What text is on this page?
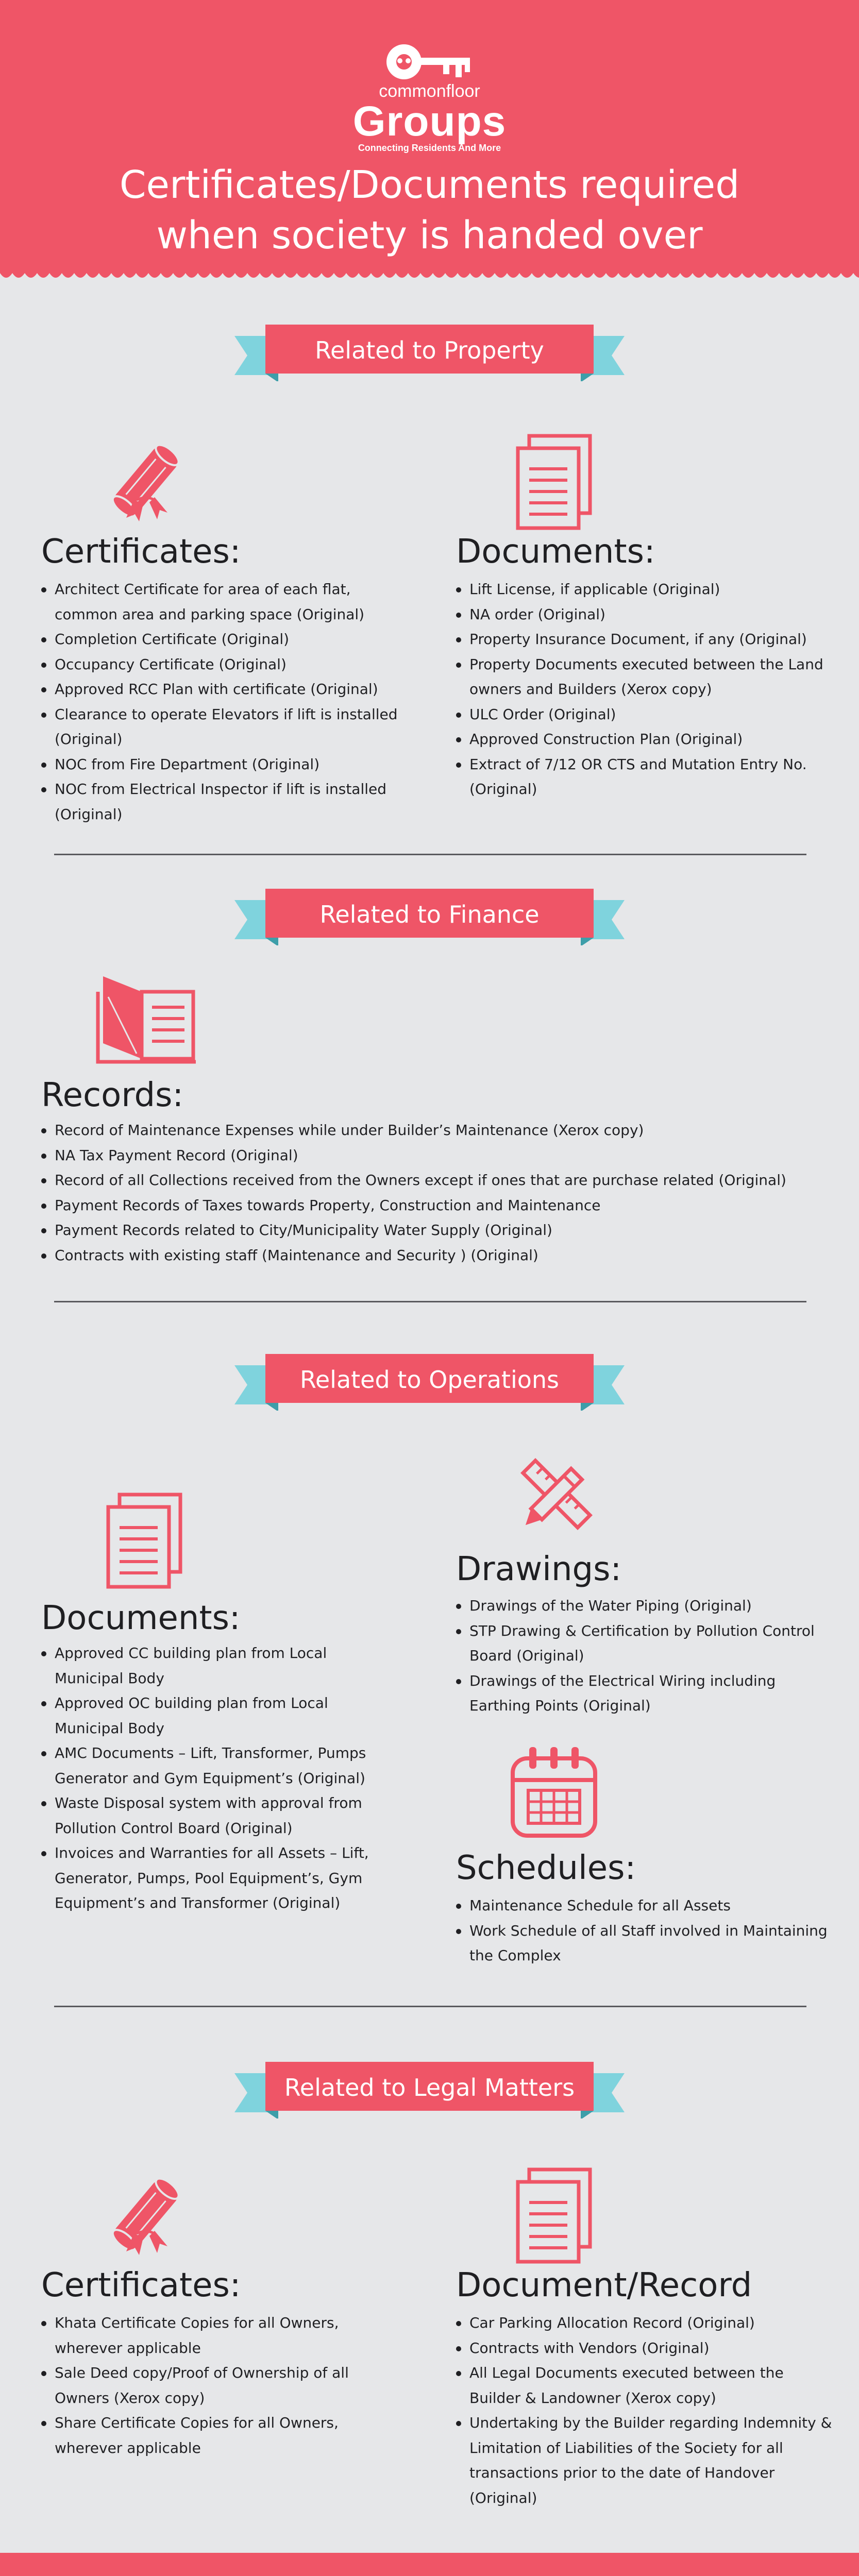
commonfloor
Groups
Connecting Residents And More
Certificates/Documents required
when society is handed over
Related to Property
Certificates:
Architect Certificate for area of each flat,
common area and parking space (Original)
Completion Certificate (Original)
Occupancy Certificate (Original)
Approved RCC Plan with certificate (Original)
Clearance to operate Elevators if lift is installed
(Original)
NOC from Fire Department (Original)
NOC from Electrical Inspector if lift is installed
(Original)
Documents:
Lift License, if applicable (Original)
NA order (Original)
Property Insurance Document, if any (Original)
Property Documents executed between the Land
owners and Builders (Xerox copy)
ULC Order (Original)
Approved Construction Plan (Original)
Extract of 7/12 OR CTS and Mutation Entry No.
(Original)
Related to Finance
Records:
Record of Maintenance Expenses while under Builder’s Maintenance (Xerox copy)
NA Tax Payment Record (Original)
Record of all Collections received from the Owners except if ones that are purchase related (Original)
Payment Records of Taxes towards Property, Construction and Maintenance
Payment Records related to City/Municipality Water Supply (Original)
Contracts with existing staff (Maintenance and Security ) (Original)
Related to Operations
Documents:
Approved CC building plan from Local
Municipal Body
Approved OC building plan from Local
Municipal Body
AMC Documents – Lift, Transformer, Pumps
Generator and Gym Equipment’s (Original)
Waste Disposal system with approval from
Pollution Control Board (Original)
Invoices and Warranties for all Assets – Lift,
Generator, Pumps, Pool Equipment’s, Gym
Equipment’s and Transformer (Original)
Drawings:
Drawings of the Water Piping (Original)
STP Drawing & Certification by Pollution Control
Board (Original)
Drawings of the Electrical Wiring including
Earthing Points (Original)
Schedules:
Maintenance Schedule for all Assets
Work Schedule of all Staff involved in Maintaining
the Complex
Related to Legal Matters
Certificates:
Khata Certificate Copies for all Owners,
wherever applicable
Sale Deed copy/Proof of Ownership of all
Owners (Xerox copy)
Share Certificate Copies for all Owners,
wherever applicable
Document/Record
Car Parking Allocation Record (Original)
Contracts with Vendors (Original)
All Legal Documents executed between the
Builder & Landowner (Xerox copy)
Undertaking by the Builder regarding Indemnity &
Limitation of Liabilities of the Society for all
transactions prior to the date of Handover
(Original)
